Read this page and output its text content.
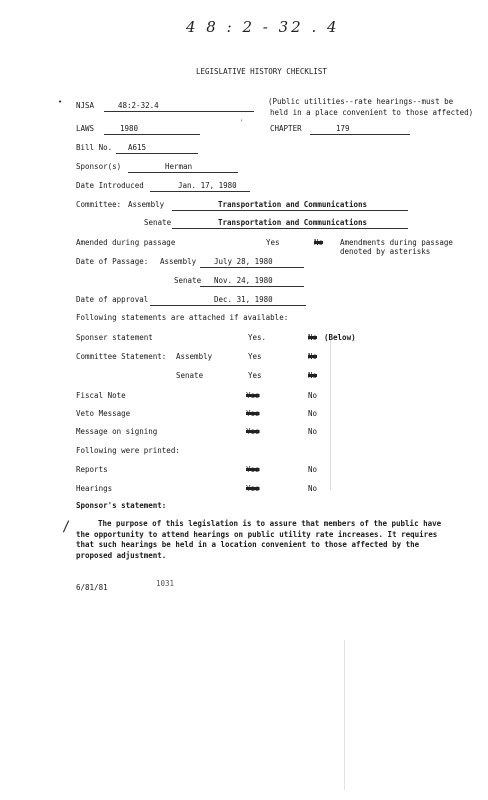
4 8 : 2 - 32 . 4
LEGISLATIVE HISTORY CHECKLIST
• NJSA	48:2-32.4	(Public utilities--rate hearings--must be
held in a place convenient to those affected)
LAWS	1980
'
CHAPTER	179
Bill No. A615
Sponsor(s)	Herman
Date Introduced	Jan. 17, 1980
Committee: Assembly	Transportation and Communications
Senate	Transportation and Communications
Amended during passage	Yes	No Amendments during passage
denoted by asterisks
Date of Passage: Assembly July 28, 1980
Senate Nov. 24, 1980
Date of approval	Dec. 31, 1980
Following statements are attached if available:
Sponser statement	Yes.	No (Below)
Committee Statement: Assembly	Yes	No
Senate	Yes	No
Fiscal Note	Yes	No
Veto Message	Yes	No
Message on signing	Yes	No
Following were printed:
Reports	Yes	No
Hearings	Yes	No
Sponsor's statement:
/	The purpose of this legislation is to assure that members of the public have the opportunity to attend hearings on public utility rate increases. It requires that such hearings be held in a location convenient to those affected by the proposed adjustment.
6/81/81	1031
